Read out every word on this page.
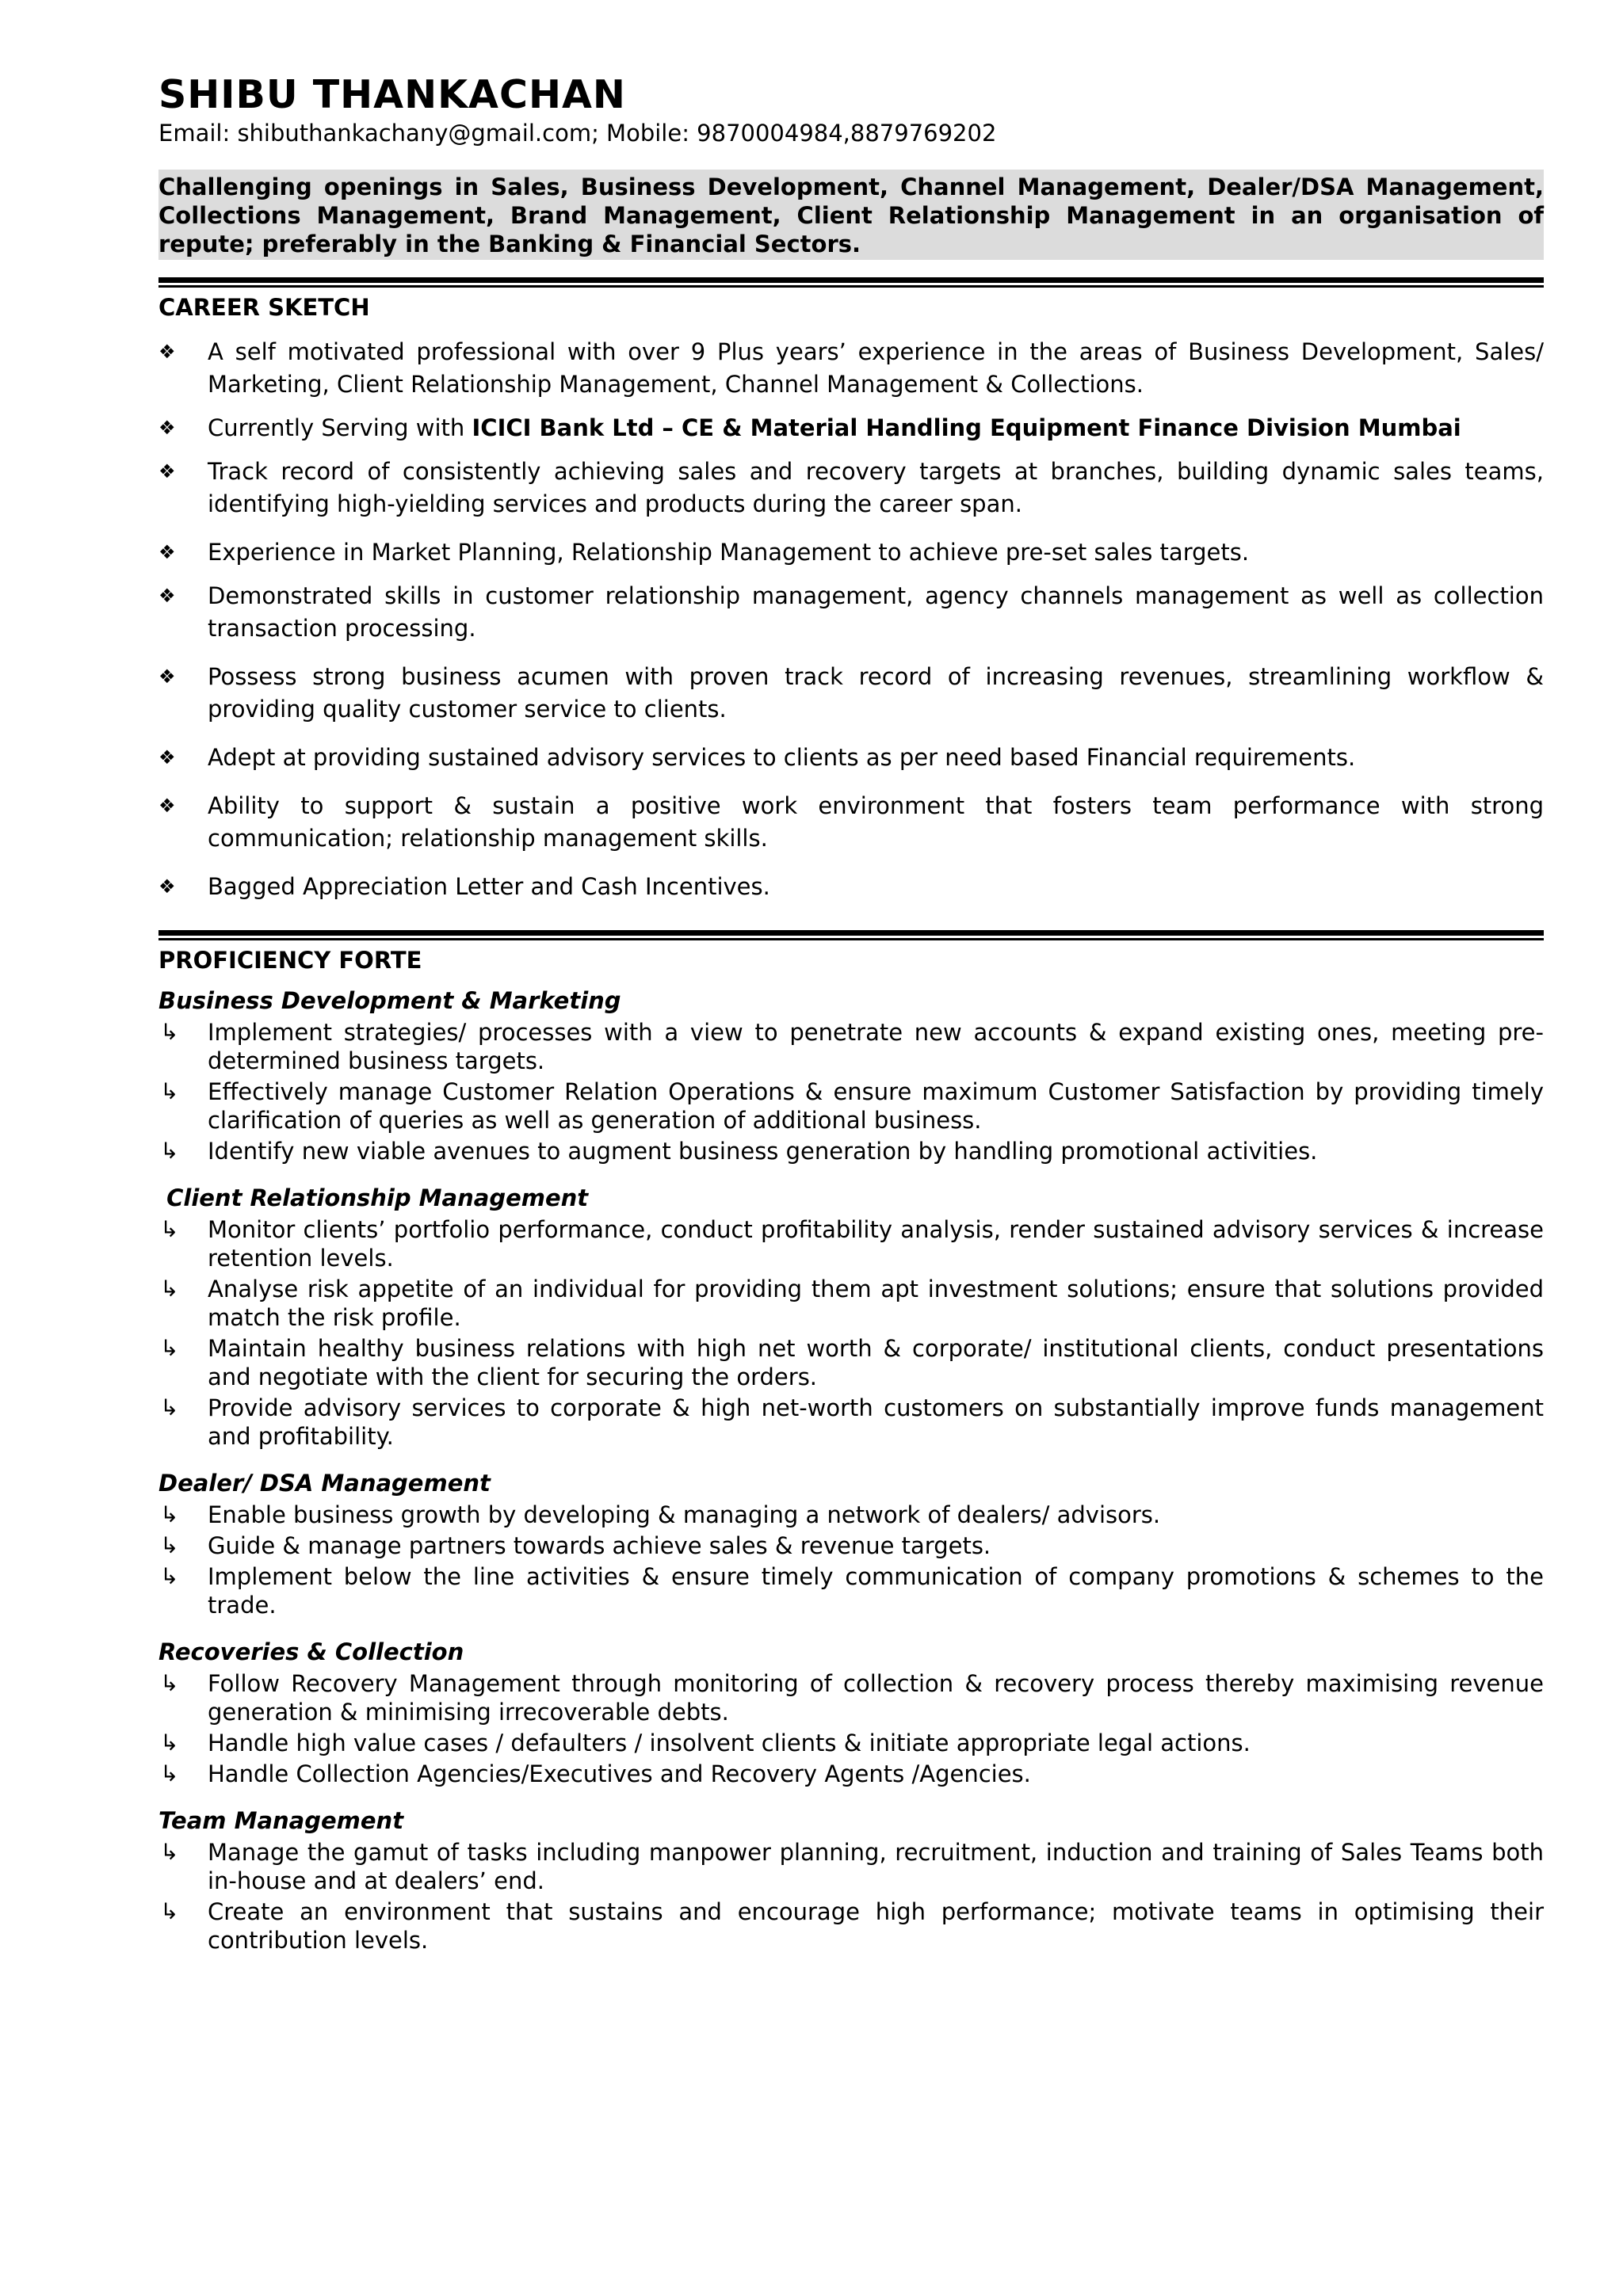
SHIBU THANKACHAN

Email: shibuthankachany@gmail.com; Mobile: 9870004984,8879769202

Challenging openings in Sales, Business Development, Channel Management, Dealer/DSA Management, Collections Management, Brand Management, Client Relationship Management in an organisation of repute; preferably in the Banking & Financial Sectors.
CAREER SKETCH
❖ A self motivated professional with over 9 Plus years’ experience in the areas of Business Development, Sales/ Marketing, Client Relationship Management, Channel Management & Collections.
❖ Currently Serving with ICICI Bank Ltd – CE & Material Handling Equipment Finance Division Mumbai
❖ Track record of consistently achieving sales and recovery targets at branches, building dynamic sales teams, identifying high-yielding services and products during the career span.
❖ Experience in Market Planning, Relationship Management to achieve pre-set sales targets.
❖ Demonstrated skills in customer relationship management, agency channels management as well as collection transaction processing.
❖ Possess strong business acumen with proven track record of increasing revenues, streamlining workflow & providing quality customer service to clients.
❖ Adept at providing sustained advisory services to clients as per need based Financial requirements.
❖ Ability to support & sustain a positive work environment that fosters team performance with strong communication; relationship management skills.
❖ Bagged Appreciation Letter and Cash Incentives.
PROFICIENCY FORTE

Business Development & Marketing

↳ Implement strategies/ processes with a view to penetrate new accounts & expand existing ones, meeting pre-determined business targets.
↳ Effectively manage Customer Relation Operations & ensure maximum Customer Satisfaction by providing timely clarification of queries as well as generation of additional business.
↳ Identify new viable avenues to augment business generation by handling promotional activities.

Client Relationship Management

↳ Monitor clients’ portfolio performance, conduct profitability analysis, render sustained advisory services & increase retention levels.
↳ Analyse risk appetite of an individual for providing them apt investment solutions; ensure that solutions provided match the risk profile.
↳ Maintain healthy business relations with high net worth & corporate/ institutional clients, conduct presentations and negotiate with the client for securing the orders.
↳ Provide advisory services to corporate & high net-worth customers on substantially improve funds management and profitability.

Dealer/ DSA Management

↳ Enable business growth by developing & managing a network of dealers/ advisors.
↳ Guide & manage partners towards achieve sales & revenue targets.
↳ Implement below the line activities & ensure timely communication of company promotions & schemes to the trade.

Recoveries & Collection

↳ Follow Recovery Management through monitoring of collection & recovery process thereby maximising revenue generation & minimising irrecoverable debts.
↳ Handle high value cases / defaulters / insolvent clients & initiate appropriate legal actions.
↳ Handle Collection Agencies/Executives and Recovery Agents /Agencies.

Team Management

↳ Manage the gamut of tasks including manpower planning, recruitment, induction and training of Sales Teams both in-house and at dealers’ end.
↳ Create an environment that sustains and encourage high performance; motivate teams in optimising their contribution levels.
